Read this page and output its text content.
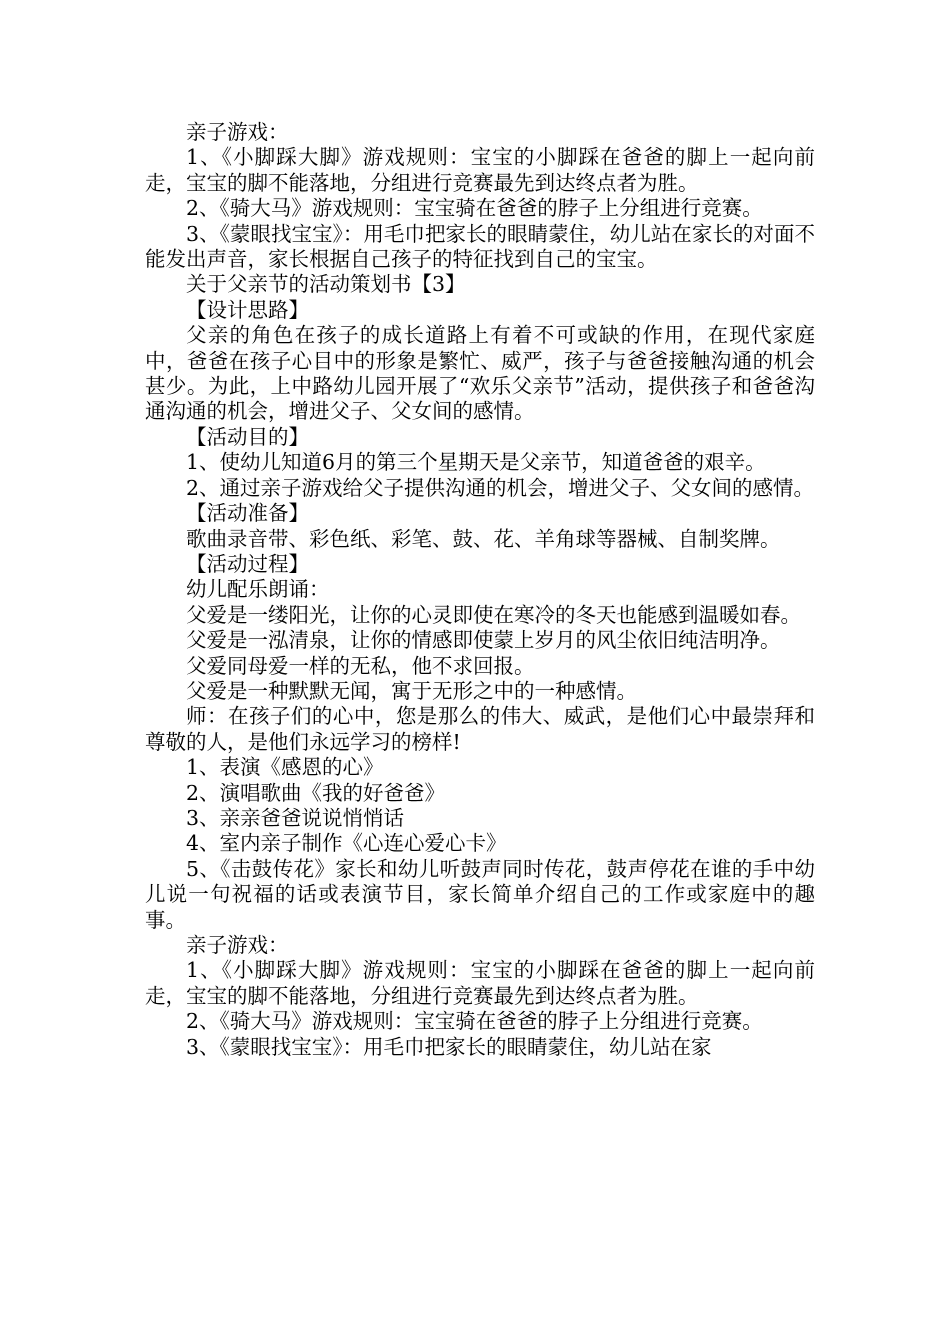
亲子游戏：

1、《小脚踩大脚》游戏规则：宝宝的小脚踩在爸爸的脚上一起向前走，宝宝的脚不能落地，分组进行竞赛最先到达终点者为胜。

2、《骑大马》游戏规则：宝宝骑在爸爸的脖子上分组进行竞赛。

3、《蒙眼找宝宝》：用毛巾把家长的眼睛蒙住，幼儿站在家长的对面不能发出声音，家长根据自己孩子的特征找到自己的宝宝。

关于父亲节的活动策划书【3】

【设计思路】

父亲的角色在孩子的成长道路上有着不可或缺的作用，在现代家庭中，爸爸在孩子心目中的形象是繁忙、威严，孩子与爸爸接触沟通的机会甚少。为此，上中路幼儿园开展了“欢乐父亲节”活动，提供孩子和爸爸沟通沟通的机会，增进父子、父女间的感情。

【活动目的】

1、使幼儿知道6月的第三个星期天是父亲节，知道爸爸的艰辛。

2、通过亲子游戏给父子提供沟通的机会，增进父子、父女间的感情。

【活动准备】

歌曲录音带、彩色纸、彩笔、鼓、花、羊角球等器械、自制奖牌。

【活动过程】

幼儿配乐朗诵：

父爱是一缕阳光，让你的心灵即使在寒冷的冬天也能感到温暖如春。

父爱是一泓清泉，让你的情感即使蒙上岁月的风尘依旧纯洁明净。

父爱同母爱一样的无私，他不求回报。

父爱是一种默默无闻，寓于无形之中的一种感情。

师：在孩子们的心中，您是那么的伟大、威武，是他们心中最崇拜和尊敬的人，是他们永远学习的榜样!

1、表演《感恩的心》

2、演唱歌曲《我的好爸爸》

3、亲亲爸爸说说悄悄话

4、室内亲子制作《心连心爱心卡》

5、《击鼓传花》家长和幼儿听鼓声同时传花，鼓声停花在谁的手中幼儿说一句祝福的话或表演节目，家长简单介绍自己的工作或家庭中的趣事。

亲子游戏：

1、《小脚踩大脚》游戏规则：宝宝的小脚踩在爸爸的脚上一起向前走，宝宝的脚不能落地，分组进行竞赛最先到达终点者为胜。

2、《骑大马》游戏规则：宝宝骑在爸爸的脖子上分组进行竞赛。

3、《蒙眼找宝宝》：用毛巾把家长的眼睛蒙住，幼儿站在家
